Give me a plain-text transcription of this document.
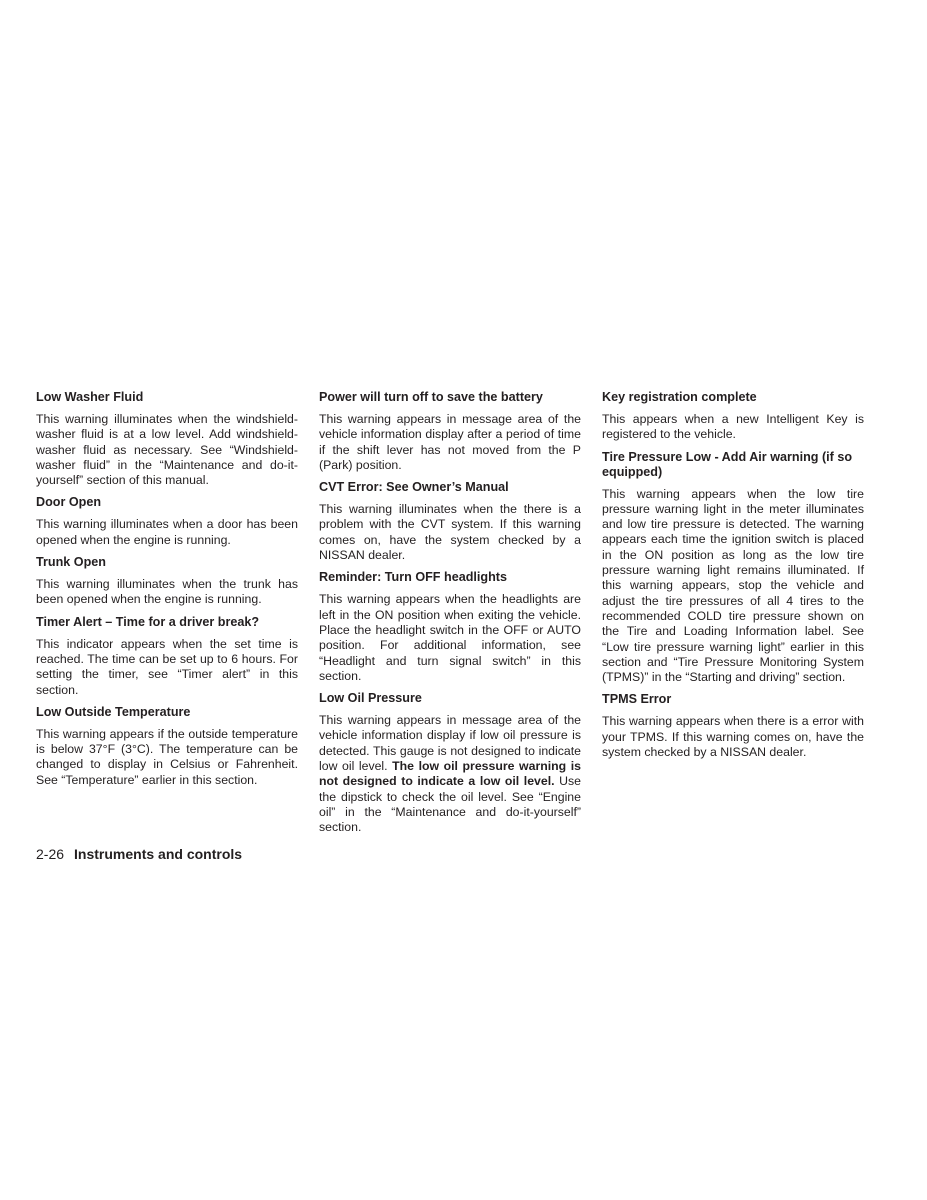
Low Washer Fluid

This warning illuminates when the windshield-washer fluid is at a low level. Add windshield-washer fluid as necessary. See “Windshield-washer fluid” in the “Maintenance and do-it-yourself” section of this manual.

Door Open

This warning illuminates when a door has been opened when the engine is running.

Trunk Open

This warning illuminates when the trunk has been opened when the engine is running.

Timer Alert – Time for a driver break?

This indicator appears when the set time is reached. The time can be set up to 6 hours. For setting the timer, see “Timer alert” in this section.

Low Outside Temperature

This warning appears if the outside temperature is below 37°F (3°C). The temperature can be changed to display in Celsius or Fahrenheit. See “Temperature” earlier in this section.

Power will turn off to save the battery

This warning appears in message area of the vehicle information display after a period of time if the shift lever has not moved from the P (Park) position.

CVT Error: See Owner’s Manual

This warning illuminates when the there is a problem with the CVT system. If this warning comes on, have the system checked by a NISSAN dealer.

Reminder: Turn OFF headlights

This warning appears when the headlights are left in the ON position when exiting the vehicle. Place the headlight switch in the OFF or AUTO position. For additional information, see “Headlight and turn signal switch” in this section.

Low Oil Pressure

This warning appears in message area of the vehicle information display if low oil pressure is detected. This gauge is not designed to indicate low oil level. The low oil pressure warning is not designed to indicate a low oil level. Use the dipstick to check the oil level. See “Engine oil” in the “Maintenance and do-it-yourself” section.

Key registration complete

This appears when a new Intelligent Key is registered to the vehicle.

Tire Pressure Low - Add Air warning (if so equipped)

This warning appears when the low tire pressure warning light in the meter illuminates and low tire pressure is detected. The warning appears each time the ignition switch is placed in the ON position as long as the low tire pressure warning light remains illuminated. If this warning appears, stop the vehicle and adjust the tire pressures of all 4 tires to the recommended COLD tire pressure shown on the Tire and Loading Information label. See “Low tire pressure warning light” earlier in this section and “Tire Pressure Monitoring System (TPMS)” in the “Starting and driving” section.

TPMS Error

This warning appears when there is a error with your TPMS. If this warning comes on, have the system checked by a NISSAN dealer.

2-26 Instruments and controls
